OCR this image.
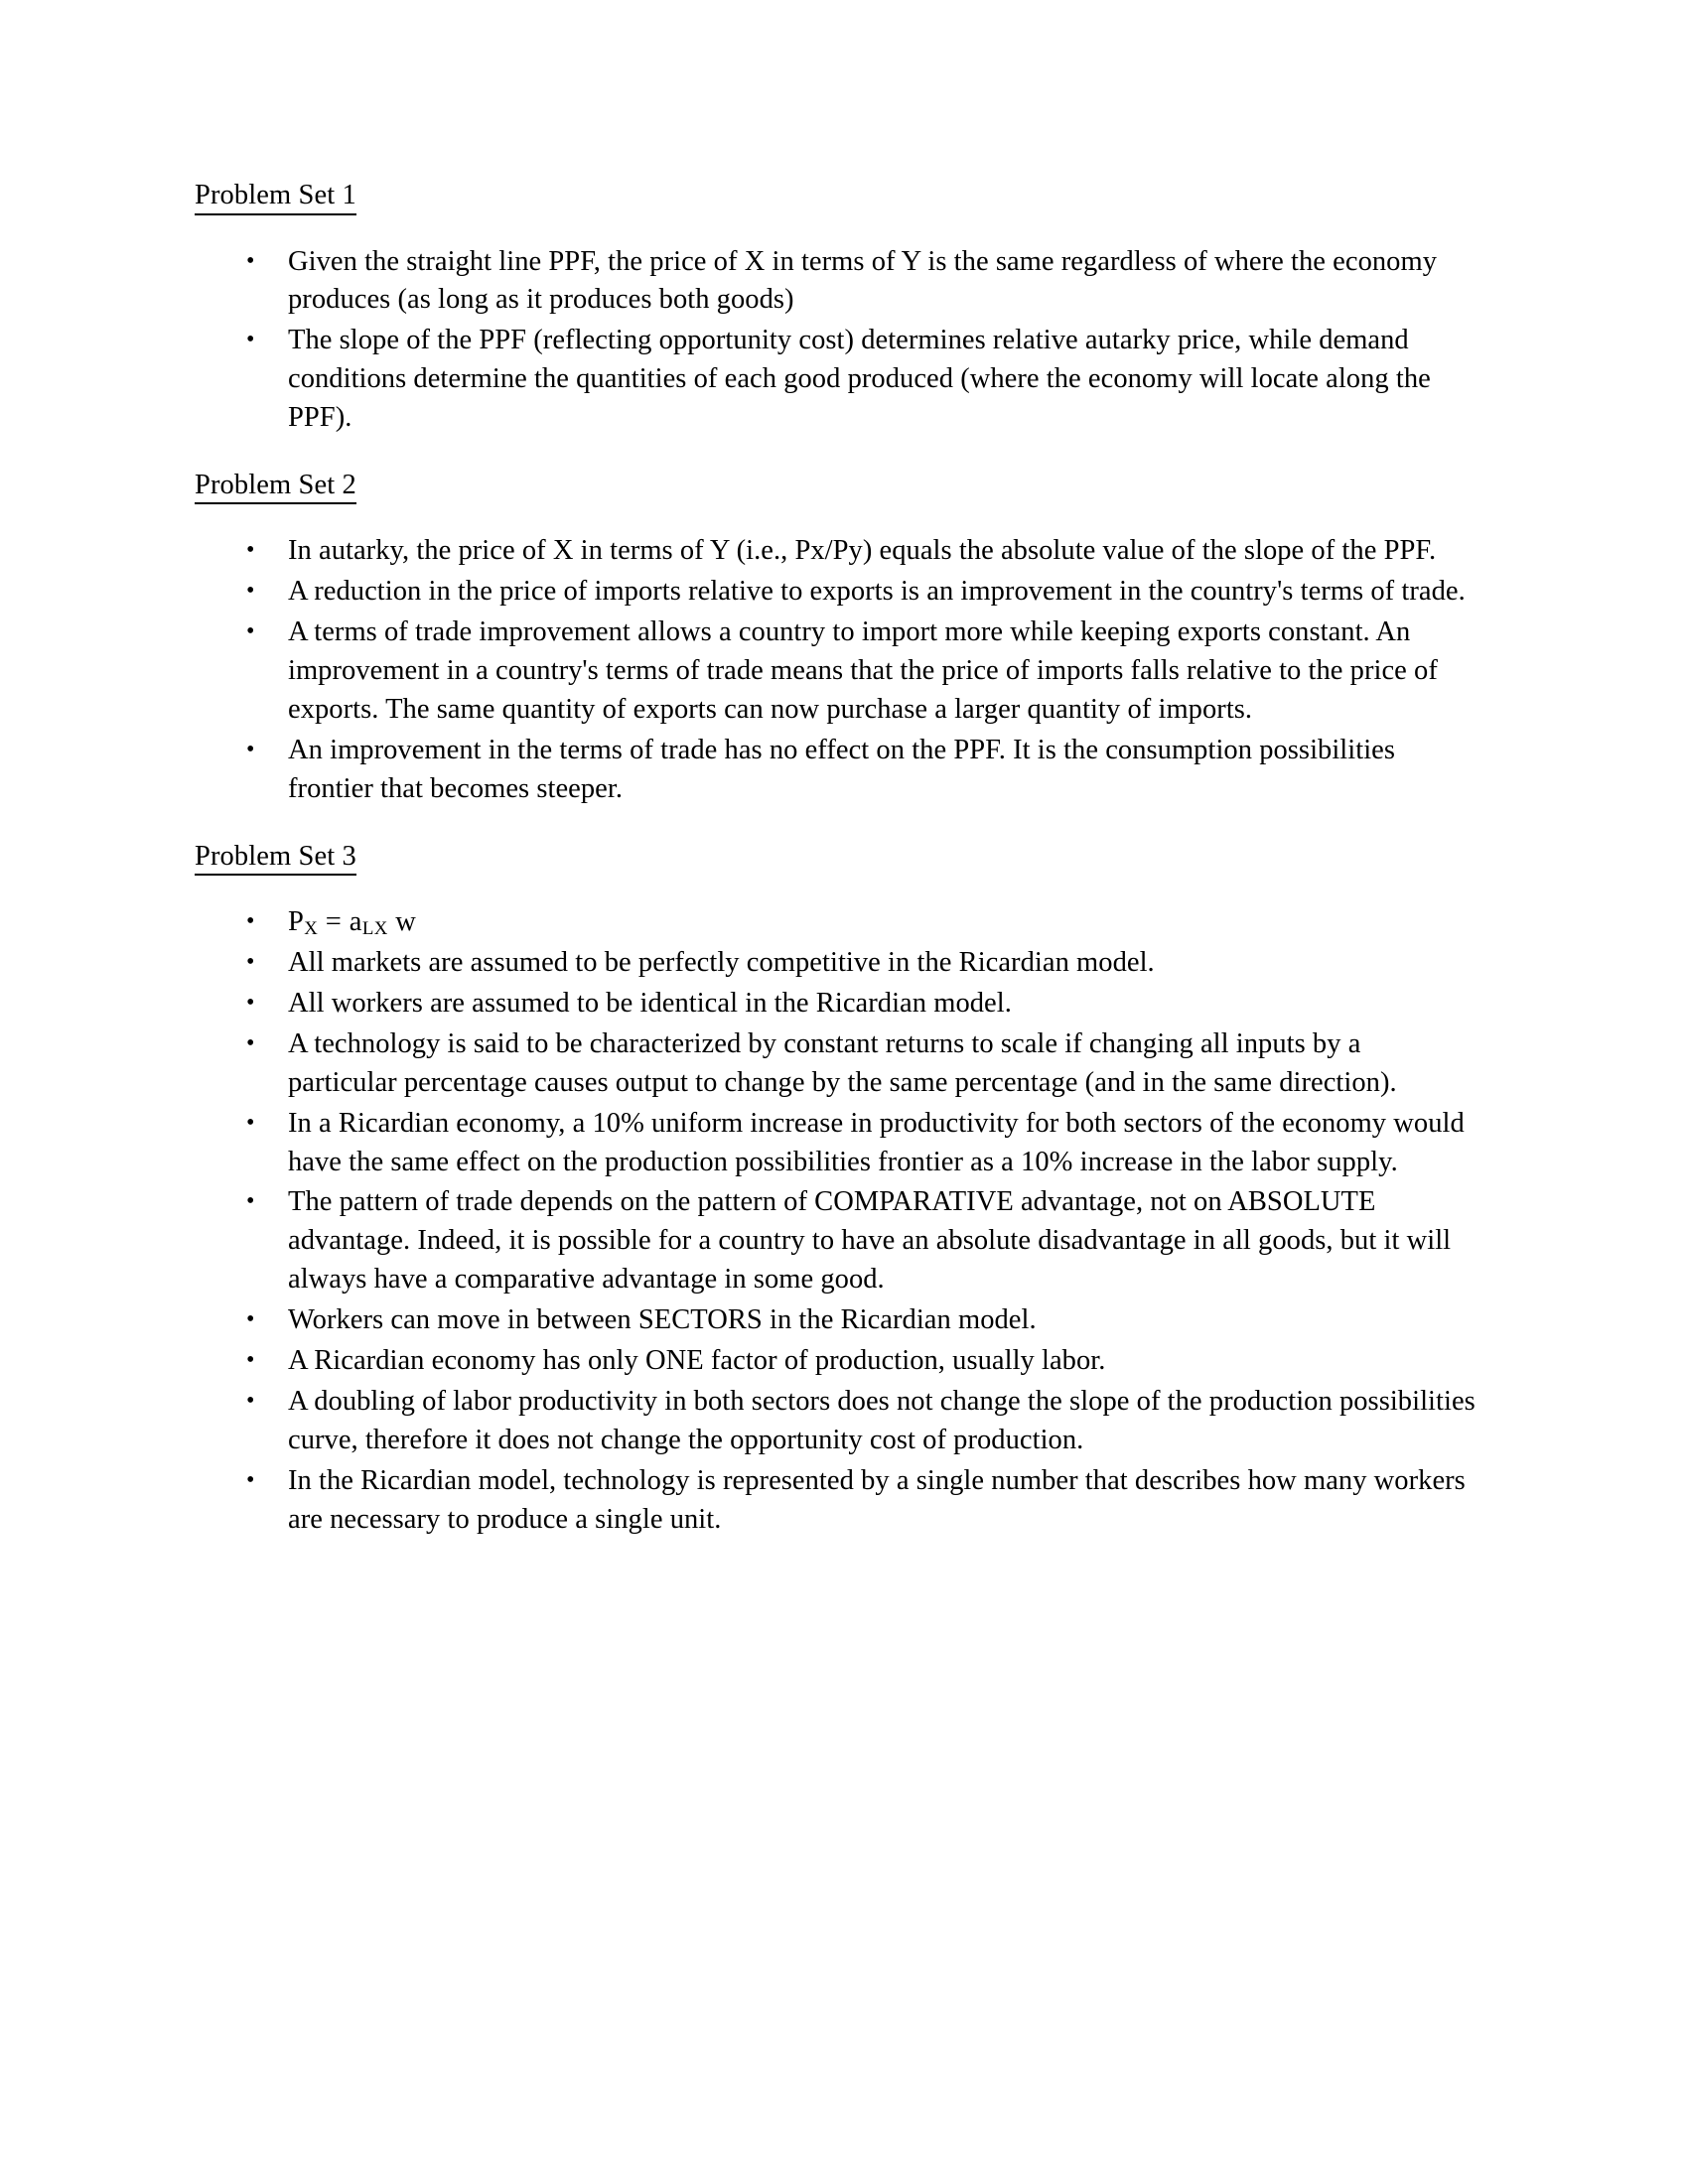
Problem Set 1
• Given the straight line PPF, the price of X in terms of Y is the same regardless of where the economy produces (as long as it produces both goods)
• The slope of the PPF (reflecting opportunity cost) determines relative autarky price, while demand conditions determine the quantities of each good produced (where the economy will locate along the PPF).
Problem Set 2
• In autarky, the price of X in terms of Y (i.e., Px/Py) equals the absolute value of the slope of the PPF.
• A reduction in the price of imports relative to exports is an improvement in the country's terms of trade.
• A terms of trade improvement allows a country to import more while keeping exports constant. An improvement in a country's terms of trade means that the price of imports falls relative to the price of exports. The same quantity of exports can now purchase a larger quantity of imports.
• An improvement in the terms of trade has no effect on the PPF. It is the consumption possibilities frontier that becomes steeper.
Problem Set 3
• $P_X = a_{LX}$ w
• All markets are assumed to be perfectly competitive in the Ricardian model.
• All workers are assumed to be identical in the Ricardian model.
• A technology is said to be characterized by constant returns to scale if changing all inputs by a particular percentage causes output to change by the same percentage (and in the same direction).
• In a Ricardian economy, a 10% uniform increase in productivity for both sectors of the economy would have the same effect on the production possibilities frontier as a 10% increase in the labor supply.
• The pattern of trade depends on the pattern of COMPARATIVE advantage, not on ABSOLUTE advantage. Indeed, it is possible for a country to have an absolute disadvantage in all goods, but it will always have a comparative advantage in some good.
• Workers can move in between SECTORS in the Ricardian model.
• A Ricardian economy has only ONE factor of production, usually labor.
• A doubling of labor productivity in both sectors does not change the slope of the production possibilities curve, therefore it does not change the opportunity cost of production.
• In the Ricardian model, technology is represented by a single number that describes how many workers are necessary to produce a single unit.
